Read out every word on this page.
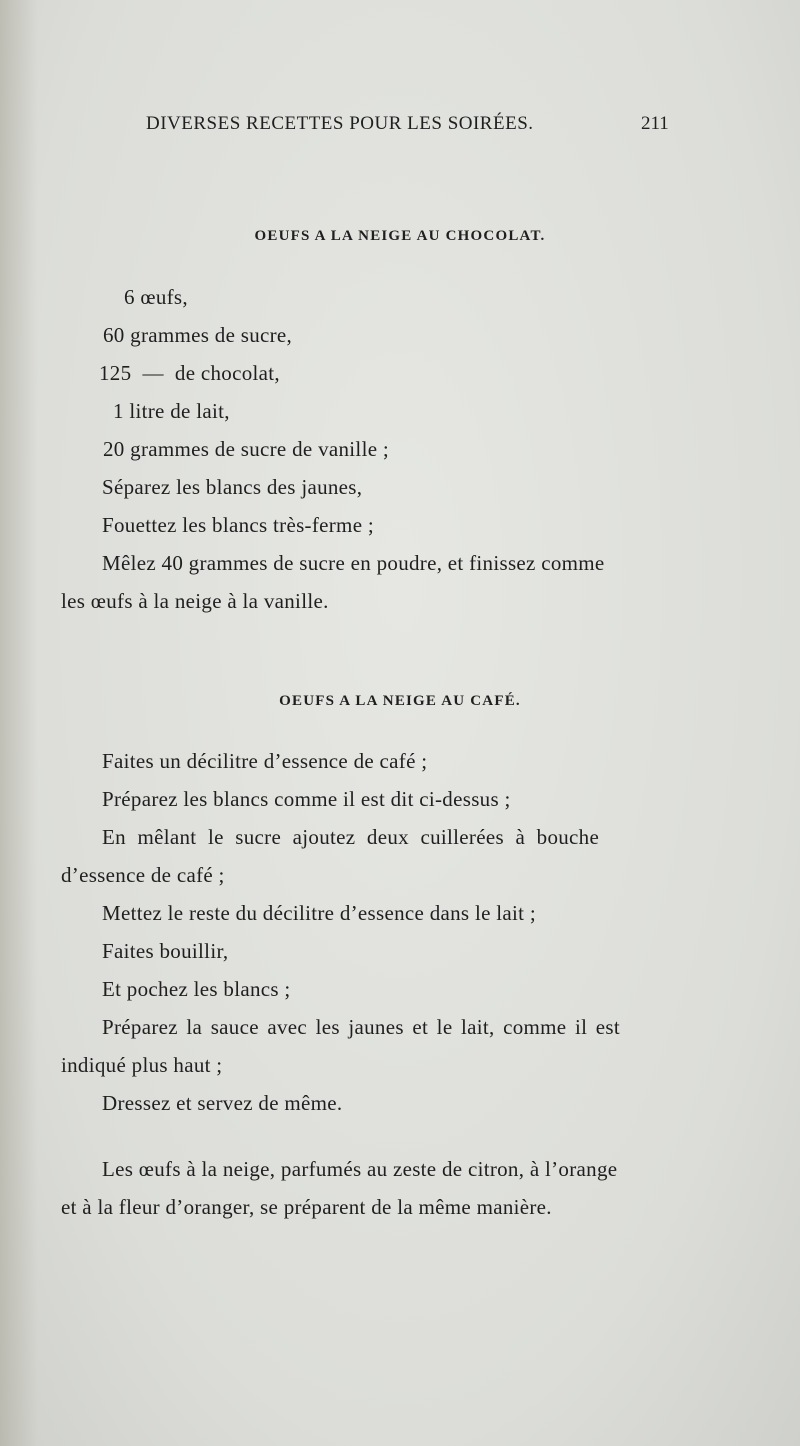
DIVERSES RECETTES POUR LES SOIRÉES.	211
OEUFS A LA NEIGE AU CHOCOLAT.
6 œufs,
60 grammes de sucre,
125  —  de chocolat,
1 litre de lait,
20 grammes de sucre de vanille ;
Séparez les blancs des jaunes,
Fouettez les blancs très-ferme ;
Mêlez 40 grammes de sucre en poudre, et finissez comme
les œufs à la neige à la vanille.
OEUFS A LA NEIGE AU CAFÉ.
Faites un décilitre d’essence de café ;
Préparez les blancs comme il est dit ci-dessus ;
En mêlant le sucre ajoutez deux cuillerées à bouche
d’essence de café ;
Mettez le reste du décilitre d’essence dans le lait ;
Faites bouillir,
Et pochez les blancs ;
Préparez la sauce avec les jaunes et le lait, comme il est
indiqué plus haut ;
Dressez et servez de même.
Les œufs à la neige, parfumés au zeste de citron, à l’orange
et à la fleur d’oranger, se préparent de la même manière.
